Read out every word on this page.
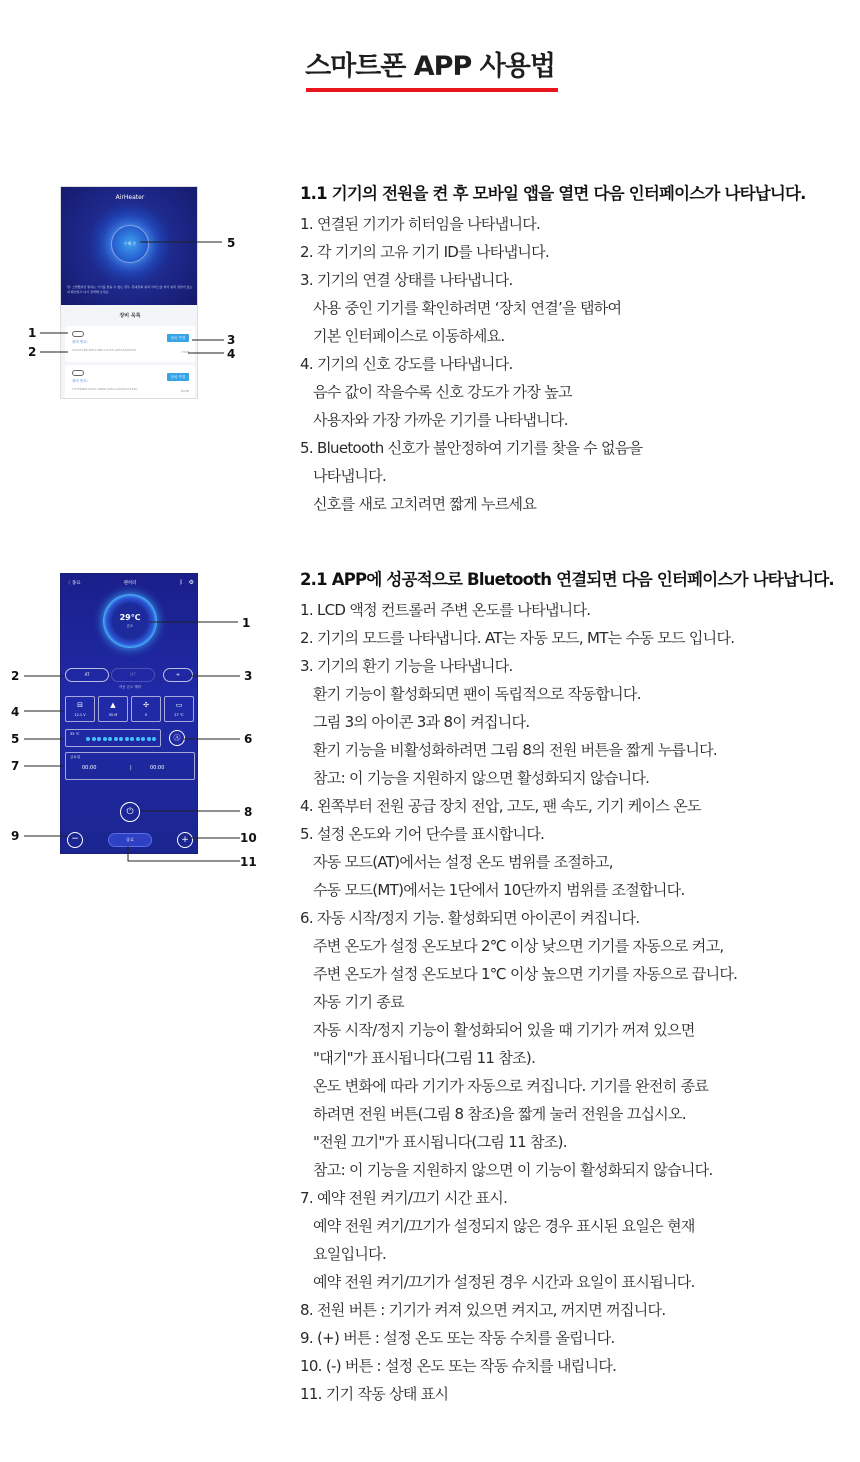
스마트폰 APP 사용법
AirHeater
수색 중
팁: 스캔했지만 원하는 기기를 찾을 수 없는 경우, 휴대폰의 위치 서비스를 켜서 위치 권한이 있는지 확인하고 다시 검색해 보세요.
장비 목록
장비 번호:
A0C5FC8E-8F01-9B01-E755-AE3C54064C0
장치 연결
-73dB
장비 번호:
C37E6B0F-FCDC-9B0D-5954-A5C8707342D
장치 연결
-80dB
〈 종료	팬히터	ᛒ ⚙
29℃
온도
AT	MT	✣
자동 온도 제어
⊟
12.1 V
▲
55 M
✣
0
▭
27 ℃
35 ℃	Ⓐ
금요일
00:00	|	00:00
⏻
−	종료	+
5
1
2
3
4
1
2	3
4
5	6
7
8
9	10
11
1.1 기기의 전원을 켠 후 모바일 앱을 열면 다음 인터페이스가 나타납니다.
1. 연결된 기기가 히터임을 나타냅니다.
2. 각 기기의 고유 기기 ID를 나타냅니다.
3. 기기의 연결 상태를 나타냅니다.
사용 중인 기기를 확인하려면 ‘장치 연결’을 탭하여
기본 인터페이스로 이동하세요.
4. 기기의 신호 강도를 나타냅니다.
음수 값이 작을수록 신호 강도가 가장 높고
사용자와 가장 가까운 기기를 나타냅니다.
5. Bluetooth 신호가 불안정하여 기기를 찾을 수 없음을
나타냅니다.
신호를 새로 고치려면 짧게 누르세요
2.1 APP에 성공적으로 Bluetooth 연결되면 다음 인터페이스가 나타납니다.
1. LCD 액정 컨트롤러 주변 온도를 나타냅니다.
2. 기기의 모드를 나타냅니다. AT는 자동 모드, MT는 수동 모드 입니다.
3. 기기의 환기 기능을 나타냅니다.
환기 기능이 활성화되면 팬이 독립적으로 작동합니다.
그림 3의 아이콘 3과 8이 켜집니다.
환기 기능을 비활성화하려면 그림 8의 전원 버튼을 짧게 누릅니다.
참고: 이 기능을 지원하지 않으면 활성화되지 않습니다.
4. 왼쪽부터 전원 공급 장치 전압, 고도, 팬 속도, 기기 케이스 온도
5. 설정 온도와 기어 단수를 표시합니다.
자동 모드(AT)에서는 설정 온도 범위를 조절하고,
수동 모드(MT)에서는 1단에서 10단까지 범위를 조절합니다.
6. 자동 시작/정지 기능. 활성화되면 아이콘이 켜집니다.
주변 온도가 설정 온도보다 2℃ 이상 낮으면 기기를 자동으로 켜고,
주변 온도가 설정 온도보다 1℃ 이상 높으면 기기를 자동으로 끕니다.
자동 기기 종료
자동 시작/정지 기능이 활성화되어 있을 때 기기가 꺼져 있으면
"대기"가 표시됩니다(그림 11 참조).
온도 변화에 따라 기기가 자동으로 켜집니다. 기기를 완전히 종료
하려면 전원 버튼(그림 8 참조)을 짧게 눌러 전원을 끄십시오.
"전원 끄기"가 표시됩니다(그림 11 참조).
참고: 이 기능을 지원하지 않으면 이 기능이 활성화되지 않습니다.
7. 예약 전원 켜기/끄기 시간 표시.
예약 전원 켜기/끄기가 설정되지 않은 경우 표시된 요일은 현재
요일입니다.
예약 전원 켜기/끄기가 설정된 경우 시간과 요일이 표시됩니다.
8. 전원 버튼 : 기기가 켜져 있으면 켜지고, 꺼지면 꺼집니다.
9. (+) 버튼 : 설정 온도 또는 작동 수치를 올립니다.
10. (-) 버튼 : 설정 온도 또는 작동 슈치를 내립니다.
11. 기기 작동 상태 표시
